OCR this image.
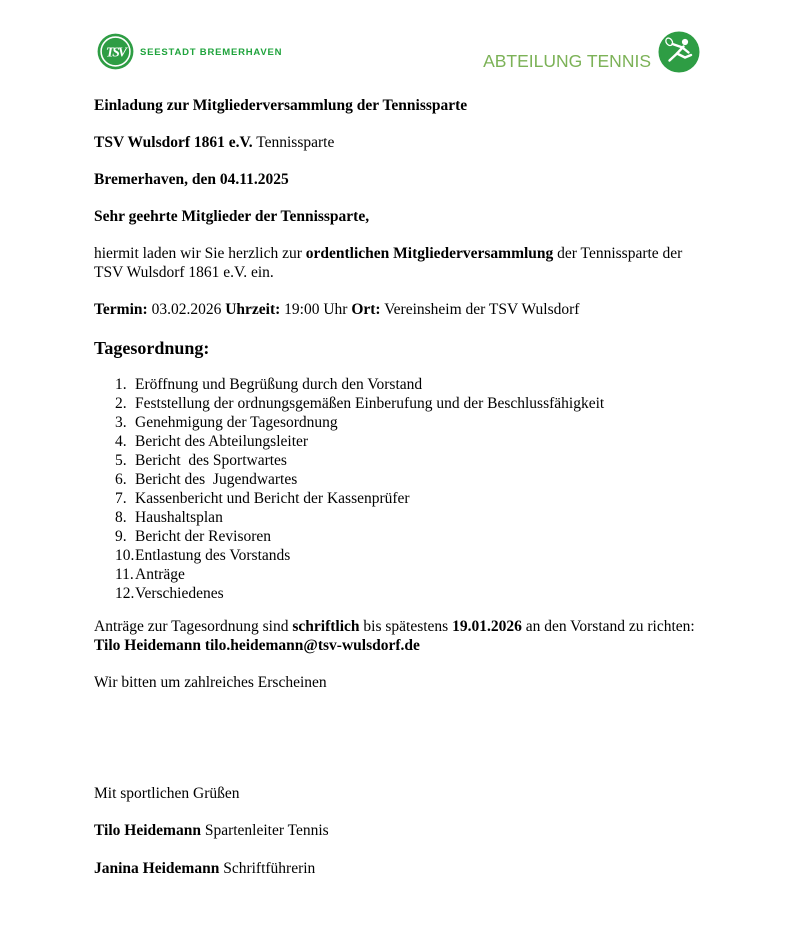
TSV	SEESTADT BREMERHAVEN	ABTEILUNG TENNIS

Einladung zur Mitgliederversammlung der Tennissparte

TSV Wulsdorf 1861 e.V. Tennissparte

Bremerhaven, den 04.11.2025

Sehr geehrte Mitglieder der Tennissparte,

hiermit laden wir Sie herzlich zur ordentlichen Mitgliederversammlung der Tennissparte der TSV Wulsdorf 1861 e.V. ein.

Termin: 03.02.2026 Uhrzeit: 19:00 Uhr Ort: Vereinsheim der TSV Wulsdorf

Tagesordnung:
1. Eröffnung und Begrüßung durch den Vorstand
2. Feststellung der ordnungsgemäßen Einberufung und der Beschlussfähigkeit
3. Genehmigung der Tagesordnung
4. Bericht des Abteilungsleiter
5. Bericht  des Sportwartes
6. Bericht des  Jugendwartes
7. Kassenbericht und Bericht der Kassenprüfer
8. Haushaltsplan
9. Bericht der Revisoren
10. Entlastung des Vorstands
11. Anträge
12. Verschiedenes

Anträge zur Tagesordnung sind schriftlich bis spätestens 19.01.2026 an den Vorstand zu richten: Tilo Heidemann tilo.heidemann@tsv-wulsdorf.de

Wir bitten um zahlreiches Erscheinen

Mit sportlichen Grüßen

Tilo Heidemann Spartenleiter Tennis

Janina Heidemann Schriftführerin
